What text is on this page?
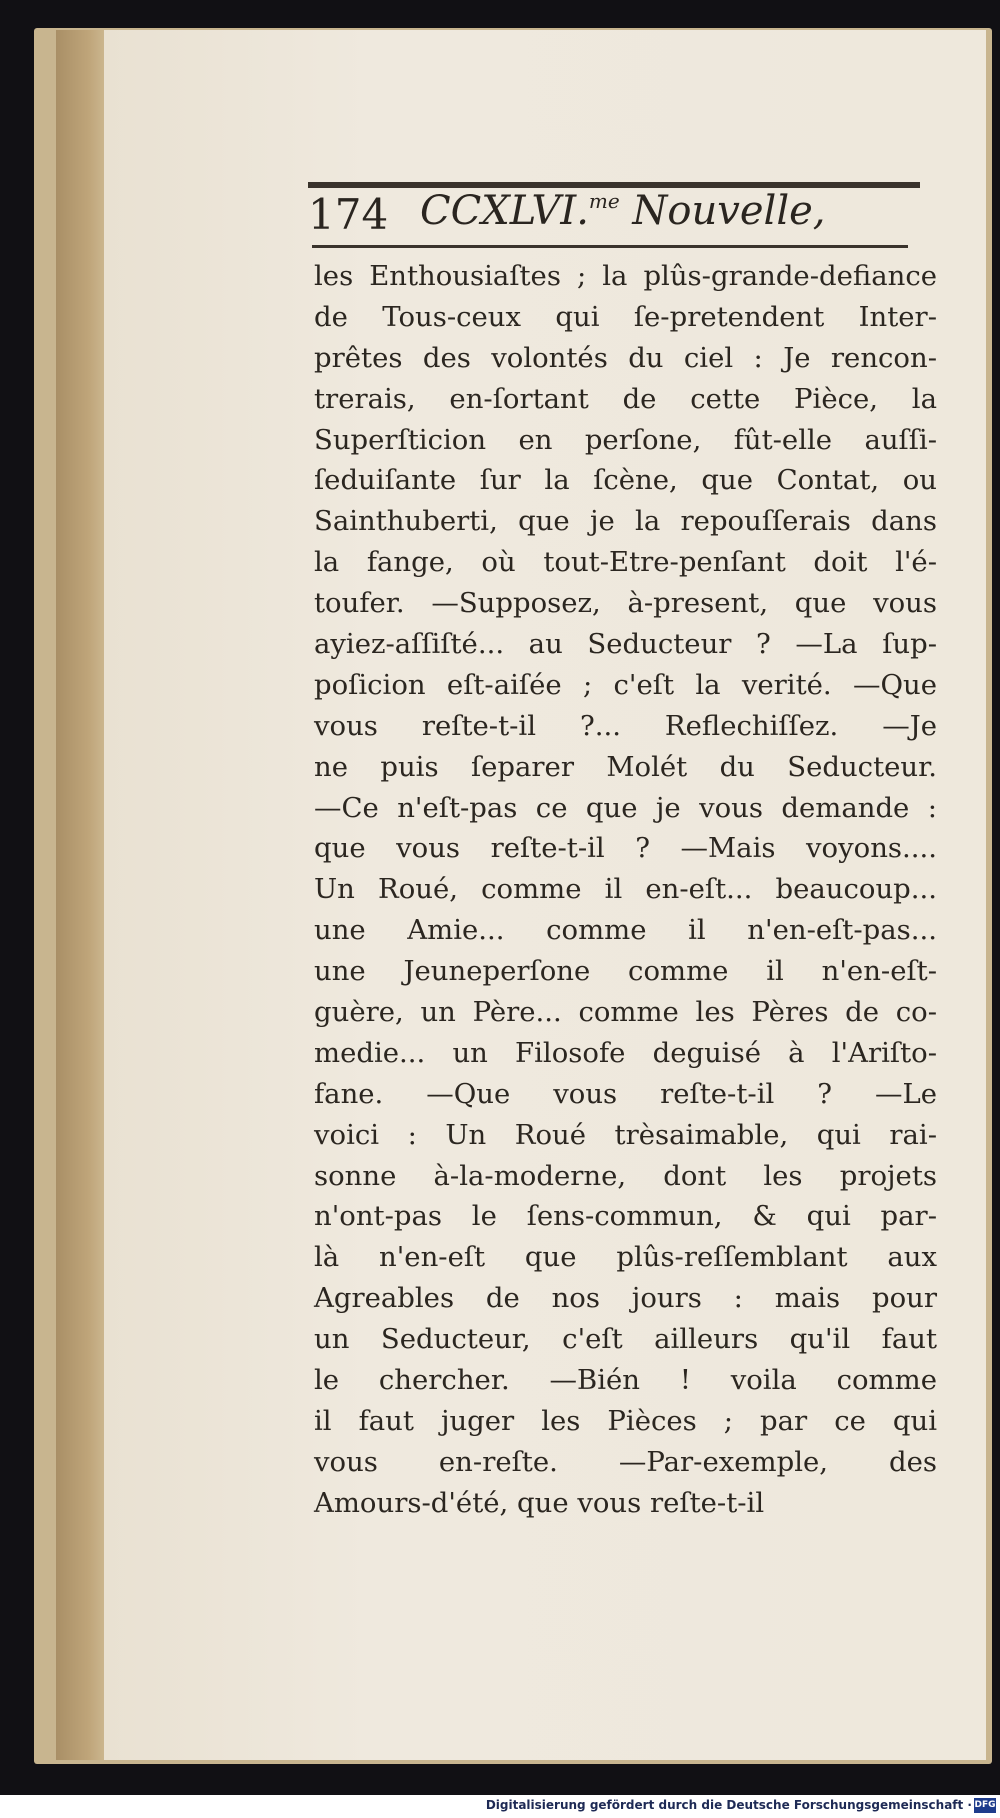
174 CCXLVI.$^{me}$ Nouvelle,
les Enthousiaſtes ; la plûs-grande-defiance
de Tous-ceux qui ſe-pretendent Inter-
prêtes des volontés du ciel : Je rencon-
trerais, en-ſortant de cette Pièce, la
Superſticion en perſone, fût-elle auſſi-
ſeduiſante ſur la ſcène, que Contat, ou
Sainthuberti, que je la repouſſerais dans
la fange, où tout-Etre-penſant doit l'é-
toufer. —Supposez, à-present, que vous
ayiez-aſſiſté... au Seducteur ? —La ſup-
poſicion eſt-aiſée ; c'eſt la verité. —Que
vous reſte-t-il ?... Reflechiſſez. —Je
ne puis ſeparer Molét du Seducteur.
—Ce n'eſt-pas ce que je vous demande :
que vous reſte-t-il ? —Mais voyons....
Un Roué, comme il en-eſt... beaucoup...
une Amie... comme il n'en-eſt-pas...
une Jeuneperſone comme il n'en-eſt-
guère, un Père... comme les Pères de co-
medie... un Filosofe deguisé à l'Ariſto-
fane. —Que vous reſte-t-il ? —Le
voici : Un Roué trèsaimable, qui rai-
sonne à-la-moderne, dont les projets
n'ont-pas le ſens-commun, & qui par-
là n'en-eſt que plûs-reſſemblant aux
Agreables de nos jours : mais pour
un Seducteur, c'eſt ailleurs qu'il faut
le chercher. —Bién ! voila comme
il faut juger les Pièces ; par ce qui
vous en-reſte. —Par-exemple, des
Amours-d'été, que vous reſte-t-il
Digitalisierung gefördert durch die Deutsche Forschungsgemeinschaft · DFG
